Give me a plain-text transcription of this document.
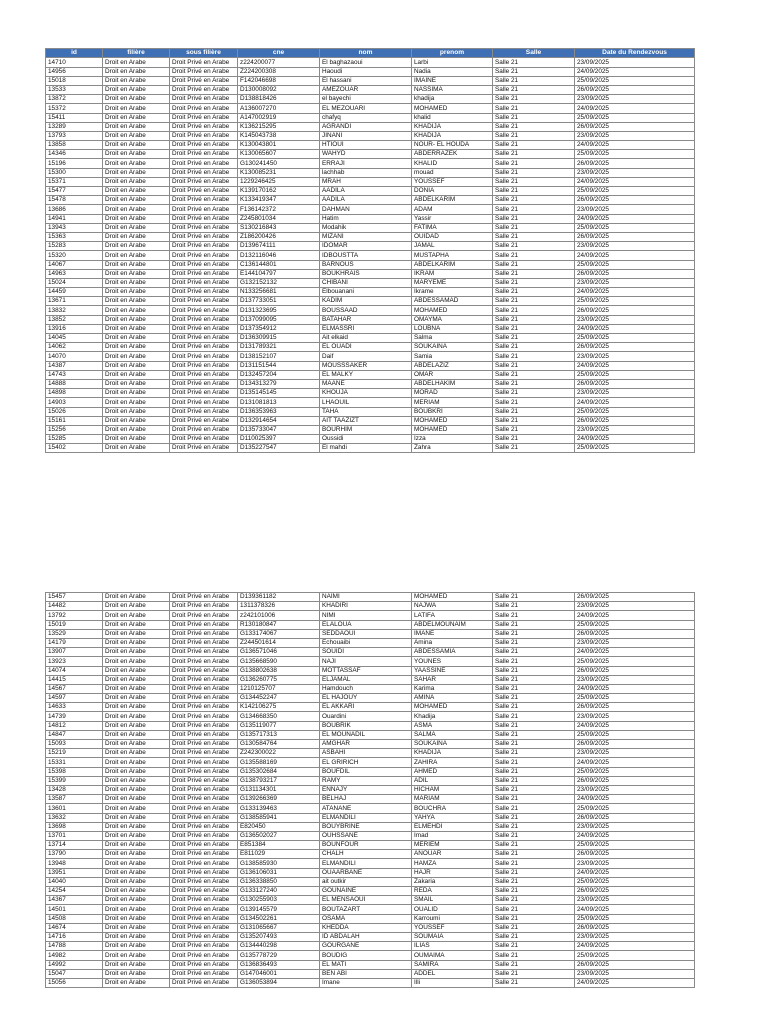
id	filière	sous filière	cne	nom	prenom	Salle	Date du Rendezvous
14710	Droit en Arabe	Droit Privé en Arabe	z224200077	El baghazaoui	Larbi	Salle 21	23/09/2025
14956	Droit en Arabe	Droit Privé en Arabe	Z224200308	Haoudi	Nadia	Salle 21	24/09/2025
15018	Droit en Arabe	Droit Privé en Arabe	F142046698	El hassani	IMAINE	Salle 21	25/09/2025
13533	Droit en Arabe	Droit Privé en Arabe	D130008092	AMEZOUAR	NASSIMA	Salle 21	26/09/2025
13872	Droit en Arabe	Droit Privé en Arabe	D138818426	el bayechi	khadija	Salle 21	23/09/2025
15372	Droit en Arabe	Droit Privé en Arabe	A136007270	EL MEZOUARI	MOHAMED	Salle 21	24/09/2025
15411	Droit en Arabe	Droit Privé en Arabe	A147002919	chafyq	khalid	Salle 21	25/09/2025
13289	Droit en Arabe	Droit Privé en Arabe	K136215295	AGRANDI	KHADIJA	Salle 21	26/09/2025
13793	Droit en Arabe	Droit Privé en Arabe	K145043738	JINANI	KHADIJA	Salle 21	23/09/2025
13858	Droit en Arabe	Droit Privé en Arabe	K130043801	HTIOUI	NOUR- EL HOUDA	Salle 21	24/09/2025
14346	Droit en Arabe	Droit Privé en Arabe	K130065607	WAHYD	ABDERRAZEK	Salle 21	25/09/2025
15196	Droit en Arabe	Droit Privé en Arabe	G130241450	ERRAJI	KHALID	Salle 21	26/09/2025
15300	Droit en Arabe	Droit Privé en Arabe	K130085231	lachhab	mouad	Salle 21	23/09/2025
15371	Droit en Arabe	Droit Privé en Arabe	1229246425	MRAH	YOUSSEF	Salle 21	24/09/2025
15477	Droit en Arabe	Droit Privé en Arabe	K139170162	AADILA	DONIA	Salle 21	25/09/2025
15478	Droit en Arabe	Droit Privé en Arabe	K133419347	AADILA	ABDELKARIM	Salle 21	26/09/2025
13686	Droit en Arabe	Droit Privé en Arabe	F136142372	DAHMAN	ADAM	Salle 21	23/09/2025
14941	Droit en Arabe	Droit Privé en Arabe	Z245801034	Hatim	Yassir	Salle 21	24/09/2025
13943	Droit en Arabe	Droit Privé en Arabe	S130216843	Modahik	FATIMA	Salle 21	25/09/2025
15363	Droit en Arabe	Droit Privé en Arabe	Z186200426	MIZANI	OUIDAD	Salle 21	26/09/2025
15283	Droit en Arabe	Droit Privé en Arabe	D139674111	IDOMAR	JAMAL	Salle 21	23/09/2025
15320	Droit en Arabe	Droit Privé en Arabe	D132116046	IDBOUSTTA	MUSTAPHA	Salle 21	24/09/2025
14067	Droit en Arabe	Droit Privé en Arabe	C136144801	BARNOUS	ABDELKARIM	Salle 21	25/09/2025
14963	Droit en Arabe	Droit Privé en Arabe	E144104797	BOUKHRAIS	IKRAM	Salle 21	26/09/2025
15024	Droit en Arabe	Droit Privé en Arabe	G132152132	CHIBANI	MARYEME	Salle 21	23/09/2025
14459	Droit en Arabe	Droit Privé en Arabe	N133256681	Elbouanani	Ikrame	Salle 21	24/09/2025
13671	Droit en Arabe	Droit Privé en Arabe	D137733051	KADIM	ABDESSAMAD	Salle 21	25/09/2025
13832	Droit en Arabe	Droit Privé en Arabe	D131323695	BOUSSAAD	MOHAMED	Salle 21	26/09/2025
13852	Droit en Arabe	Droit Privé en Arabe	D137099095	BATAHAR	OMAYMA	Salle 21	23/09/2025
13916	Droit en Arabe	Droit Privé en Arabe	D137354912	ELMASSRI	LOUBNA	Salle 21	24/09/2025
14045	Droit en Arabe	Droit Privé en Arabe	D136309915	Ait elkaid	Salma	Salle 21	25/09/2025
14062	Droit en Arabe	Droit Privé en Arabe	D131789321	EL OUADI	SOUKAINA	Salle 21	26/09/2025
14070	Droit en Arabe	Droit Privé en Arabe	D138152107	Daif	Samia	Salle 21	23/09/2025
14387	Droit en Arabe	Droit Privé en Arabe	D131151544	MOUSSSAKER	ABDELAZIZ	Salle 21	24/09/2025
14743	Droit en Arabe	Droit Privé en Arabe	D132457204	EL MALKY	OMAR	Salle 21	25/09/2025
14888	Droit en Arabe	Droit Privé en Arabe	D134313279	MAANE	ABDELHAKIM	Salle 21	26/09/2025
14898	Droit en Arabe	Droit Privé en Arabe	D135145145	KHOUJA	MORAD	Salle 21	23/09/2025
14903	Droit en Arabe	Droit Privé en Arabe	D131081813	LHAOUIL	MERIAM	Salle 21	24/09/2025
15026	Droit en Arabe	Droit Privé en Arabe	D136353963	TAHA	BOUBKRI	Salle 21	25/09/2025
15161	Droit en Arabe	Droit Privé en Arabe	D132914654	AIT TAAZIZT	MOHAMED	Salle 21	26/09/2025
15256	Droit en Arabe	Droit Privé en Arabe	D135733047	BOURHIM	MOHAMED	Salle 21	23/09/2025
15285	Droit en Arabe	Droit Privé en Arabe	D110025397	Oussidi	Izza	Salle 21	24/09/2025
15402	Droit en Arabe	Droit Privé en Arabe	D135227547	El mahdi	Zahra	Salle 21	25/09/2025
15457	Droit en Arabe	Droit Privé en Arabe	D139361182	NAIMI	MOHAMED	Salle 21	26/09/2025
14482	Droit en Arabe	Droit Privé en Arabe	1311378326	KHADIRI	NAJWA	Salle 21	23/09/2025
13792	Droit en Arabe	Droit Privé en Arabe	z242101006	NIMI	LATIFA	Salle 21	24/09/2025
15019	Droit en Arabe	Droit Privé en Arabe	R130180847	ELALOUA	ABDELMOUNAIM	Salle 21	25/09/2025
13529	Droit en Arabe	Droit Privé en Arabe	G133174067	SEDDAOUI	IMANE	Salle 21	26/09/2025
14179	Droit en Arabe	Droit Privé en Arabe	Z244501614	Echouaibi	Amina	Salle 21	23/09/2025
13907	Droit en Arabe	Droit Privé en Arabe	G136571046	SOUIDI	ABDESSAMIA	Salle 21	24/09/2025
13923	Droit en Arabe	Droit Privé en Arabe	G135668590	NAJI	YOUNES	Salle 21	25/09/2025
14074	Droit en Arabe	Droit Privé en Arabe	G138802638	MOTTASSAF	YAASSINE	Salle 21	26/09/2025
14415	Droit en Arabe	Droit Privé en Arabe	G136260775	ELJAMAL	SAHAR	Salle 21	23/09/2025
14567	Droit en Arabe	Droit Privé en Arabe	1210125707	Hamdouch	Karima	Salle 21	24/09/2025
14597	Droit en Arabe	Droit Privé en Arabe	G134452247	EL HAJOUY	AMINA	Salle 21	25/09/2025
14633	Droit en Arabe	Droit Privé en Arabe	K142106275	EL AKKARI	MOHAMED	Salle 21	26/09/2025
14739	Droit en Arabe	Droit Privé en Arabe	G134668350	Ouardini	Khadija	Salle 21	23/09/2025
14812	Droit en Arabe	Droit Privé en Arabe	G135119077	BOUBRIK	ASMA	Salle 21	24/09/2025
14847	Droit en Arabe	Droit Privé en Arabe	G135717313	EL MOUNADIL	SALMA	Salle 21	25/09/2025
15093	Droit en Arabe	Droit Privé en Arabe	G130584764	AMGHAR	SOUKAINA	Salle 21	26/09/2025
15219	Droit en Arabe	Droit Privé en Arabe	Z242300022	ASBAHI	KHADIJA	Salle 21	23/09/2025
15331	Droit en Arabe	Droit Privé en Arabe	G135588169	EL GRIRICH	ZAHIRA	Salle 21	24/09/2025
15398	Droit en Arabe	Droit Privé en Arabe	G135302684	BOUFDIL	AHMED	Salle 21	25/09/2025
15399	Droit en Arabe	Droit Privé en Arabe	G138793217	RAMY	ADIL	Salle 21	26/09/2025
13428	Droit en Arabe	Droit Privé en Arabe	G131134301	ENNAJY	HICHAM	Salle 21	23/09/2025
13587	Droit en Arabe	Droit Privé en Arabe	G139266369	BELHAJ	MARIAM	Salle 21	24/09/2025
13601	Droit en Arabe	Droit Privé en Arabe	G133139463	ATANANE	BOUCHRA	Salle 21	25/09/2025
13632	Droit en Arabe	Droit Privé en Arabe	G138585941	ELMANDILI	YAHYA	Salle 21	26/09/2025
13698	Droit en Arabe	Droit Privé en Arabe	E820450	BOUYBRINE	ELMEHDI	Salle 21	23/09/2025
13701	Droit en Arabe	Droit Privé en Arabe	G136502027	OUHSSANE	Imad	Salle 21	24/09/2025
13714	Droit en Arabe	Droit Privé en Arabe	E851384	BOUNFOUR	MERIEM	Salle 21	25/09/2025
13790	Droit en Arabe	Droit Privé en Arabe	E811029	CHALH	ANOUAR	Salle 21	26/09/2025
13948	Droit en Arabe	Droit Privé en Arabe	G138585930	ELMANDILI	HAMZA	Salle 21	23/09/2025
13951	Droit en Arabe	Droit Privé en Arabe	G136106031	OUAARBANE	HAJR	Salle 21	24/09/2025
14040	Droit en Arabe	Droit Privé en Arabe	G136338850	ait outkir	Zakaria	Salle 21	25/09/2025
14254	Droit en Arabe	Droit Privé en Arabe	G133127240	GOUNAINE	REDA	Salle 21	26/09/2025
14367	Droit en Arabe	Droit Privé en Arabe	G130255903	EL MENSAOUI	SMAIL	Salle 21	23/09/2025
14501	Droit en Arabe	Droit Privé en Arabe	G139145579	BOUTAZART	OUALID	Salle 21	24/09/2025
14508	Droit en Arabe	Droit Privé en Arabe	G134502261	OSAMA	Karroumi	Salle 21	25/09/2025
14674	Droit en Arabe	Droit Privé en Arabe	G131065667	KHEDDA	YOUSSEF	Salle 21	26/09/2025
14716	Droit en Arabe	Droit Privé en Arabe	G135207493	ID ABDALAH	SOUMAIA	Salle 21	23/09/2025
14788	Droit en Arabe	Droit Privé en Arabe	G134440298	GOURGANE	ILIAS	Salle 21	24/09/2025
14982	Droit en Arabe	Droit Privé en Arabe	G135778729	BOUDIG	OUMAIMA	Salle 21	25/09/2025
14992	Droit en Arabe	Droit Privé en Arabe	G136836493	EL MATI	SAMIRA	Salle 21	26/09/2025
15047	Droit en Arabe	Droit Privé en Arabe	G147046001	BEN ABI	ADDEL	Salle 21	23/09/2025
15056	Droit en Arabe	Droit Privé en Arabe	G136053894	Imane	Illi	Salle 21	24/09/2025
